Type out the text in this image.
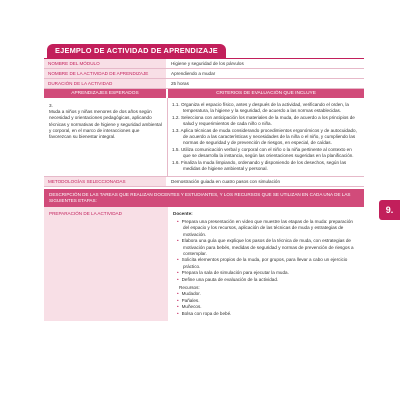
EJEMPLO DE ACTIVIDAD DE APRENDIZAJE
NOMBRE DEL MÓDULO	Higiene y seguridad de los párvulos
NOMBRE DE LA ACTIVIDAD DE APRENDIZAJE	Aprendiendo a mudar
DURACIÓN DE LA ACTIVIDAD	25 horas
APRENDIZAJES ESPERADOS	CRITERIOS DE EVALUACIÓN QUE INCLUYE
3.
Muda a niños y niñas menores de dos años según necesidad y orientaciones pedagógicas, aplicando técnicas y normativas de higiene y seguridad ambiental y corporal, en el marco de interacciones que favorezcan su bienestar integral.

1.1. Organiza el espacio físico, antes y después de la actividad, verificando el orden, la temperatura, la higiene y la seguridad, de acuerdo a las normas establecidas.

1.2. Selecciona con anticipación los materiales de la muda, de acuerdo a los principios de salud y requerimientos de cada niño o niña.

1.3. Aplica técnicas de muda considerando procedimientos ergonómicos y de autocuidado, de acuerdo a las características y necesidades de la niña o el niño, y cumpliendo las normas de seguridad y de prevención de riesgos, en especial, de caídas.

1.5. Utiliza comunicación verbal y corporal con el niño o la niña pertinente al contexto en que se desarrolla la instancia, según las orientaciones sugeridas en la planificación.

1.6. Finaliza la muda limpiando, ordenando y disponiendo de los desechos, según las medidas de higiene ambiental y personal.

METODOLOGÍAS SELECCIONADAS	Demostración guiada en cuatro pasos con simulación
DESCRIPCIÓN DE LAS TAREAS QUE REALIZAN DOCENTES Y ESTUDIANTES, Y LOS RECURSOS QUE SE UTILIZAN EN CADA UNA DE LAS SIGUIENTES ETAPAS:
PREPARACIÓN DE LA ACTIVIDAD	Docente:
• Prepara una presentación en video que muestre las etapas de la muda: preparación del espacio y los recursos, aplicación de las técnicas de muda y estrategias de motivación.
• Elabora una guía que explique los pasos de la técnica de muda, con estrategias de motivación para bebés, medidas de seguridad y normas de prevención de riesgos a contemplar.
• Solicita elementos propios de la muda, por grupos, para llevar a cabo un ejercicio práctico.
• Prepara la sala de simulación para ejecutar la muda.
• Define una pauta de evaluación de la actividad.
Recursos:
• Mudador.
• Pañales.
• Muñecos.
• Bolsa con ropa de bebé.
9.
